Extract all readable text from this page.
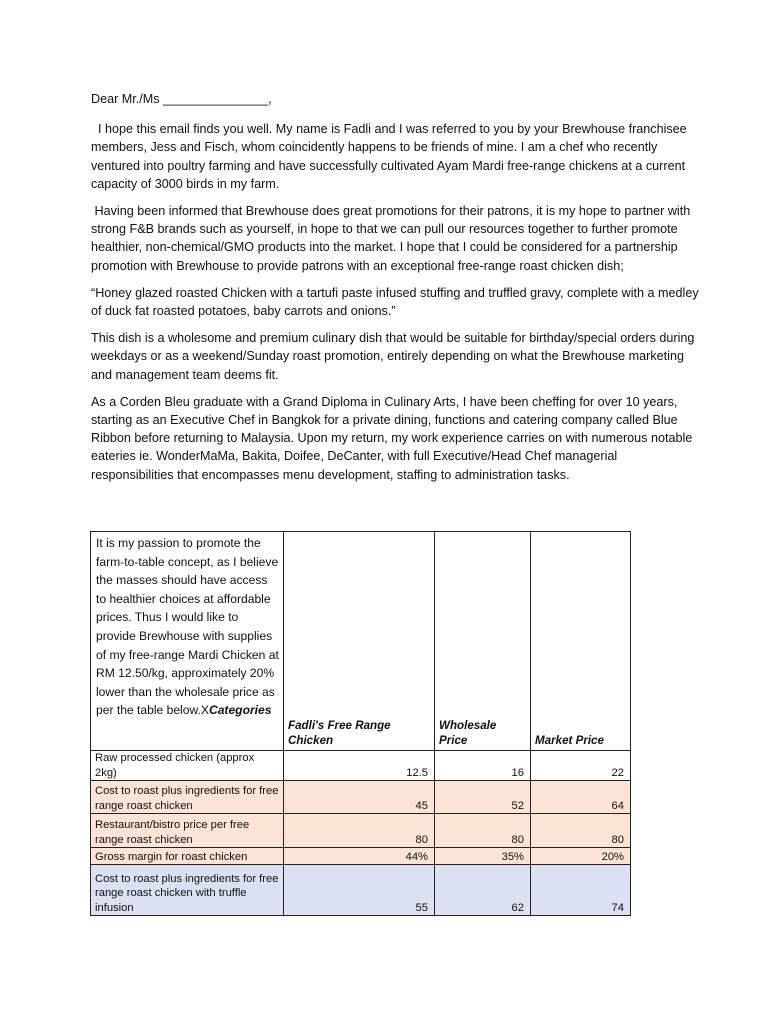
Dear Mr./Ms _______________,

I hope this email finds you well. My name is Fadli and I was referred to you by your Brewhouse franchisee members, Jess and Fisch, whom coincidently happens to be friends of mine. I am a chef who recently ventured into poultry farming and have successfully cultivated Ayam Mardi free-range chickens at a current capacity of 3000 birds in my farm.

Having been informed that Brewhouse does great promotions for their patrons, it is my hope to partner with strong F&B brands such as yourself, in hope to that we can pull our resources together to further promote healthier, non-chemical/GMO products into the market. I hope that I could be considered for a partnership promotion with Brewhouse to provide patrons with an exceptional free-range roast chicken dish;

“Honey glazed roasted Chicken with a tartufi paste infused stuffing and truffled gravy, complete with a medley of duck fat roasted potatoes, baby carrots and onions.”

This dish is a wholesome and premium culinary dish that would be suitable for birthday/special orders during weekdays or as a weekend/Sunday roast promotion, entirely depending on what the Brewhouse marketing and management team deems fit.

As a Corden Bleu graduate with a Grand Diploma in Culinary Arts, I have been cheffing for over 10 years, starting as an Executive Chef in Bangkok for a private dining, functions and catering company called Blue Ribbon before returning to Malaysia. Upon my return, my work experience carries on with numerous notable eateries ie. WonderMaMa, Bakita, Doifee, DeCanter, with full Executive/Head Chef managerial responsibilities that encompasses menu development, staffing to administration tasks.

It is my passion to promote the farm-to-table concept, as I believe the masses should have access to healthier choices at affordable prices. Thus I would like to provide Brewhouse with supplies of my free-range Mardi Chicken at RM 12.50/kg, approximately 20% lower than the wholesale price as per the table below.XCategories	Fadli's Free Range Chicken	Wholesale Price	Market Price
Raw processed chicken (approx 2kg)	12.5	16	22
Cost to roast plus ingredients for free range roast chicken	45	52	64
Restaurant/bistro price per free range roast chicken	80	80	80
Gross margin for roast chicken	44%	35%	20%
Cost to roast plus ingredients for free range roast chicken with truffle infusion	55	62	74
